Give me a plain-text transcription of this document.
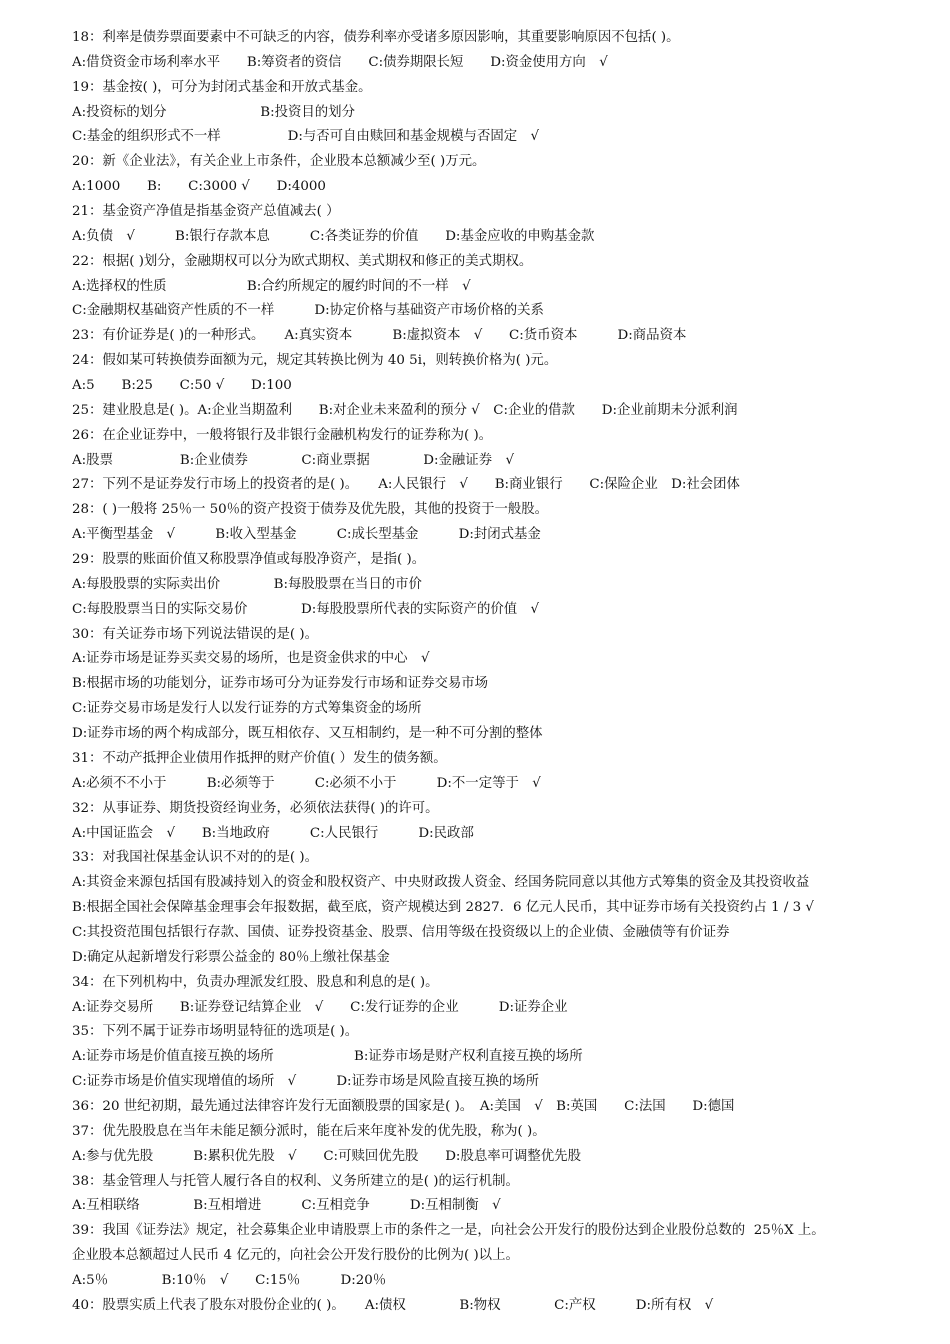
18：利率是债券票面要素中不可缺乏的内容，债券利率亦受诸多原因影响，其重要影响原因不包括( )。
A:借贷资金市场利率水平　　B:筹资者的资信　　C:债券期限长短　　D:资金使用方向　√
19：基金按( )，可分为封闭式基金和开放式基金。
A:投资标的划分　　　　　　　B:投资目的划分
C:基金的组织形式不一样　　　　　D:与否可自由赎回和基金规模与否固定　√
20：新《企业法》，有关企业上市条件，企业股本总额减少至( )万元。
A:1000　　B:　　C:3000 √　　D:4000
21：基金资产净值是指基金资产总值减去( ）
A:负债　√　　　B:银行存款本息　　　C:各类证券的价值　　D:基金应收的申购基金款
22：根据( )划分，金融期权可以分为欧式期权、美式期权和修正的美式期权。
A:选择权的性质　　　　　　B:合约所规定的履约时间的不一样　√
C:金融期权基础资产性质的不一样　　　D:协定价格与基础资产市场价格的关系
23：有价证券是( )的一种形式。　　A:真实资本　　　B:虚拟资本　√　　C:货币资本　　　D:商品资本
24：假如某可转换债券面额为元，规定其转换比例为 40 5i，则转换价格为( )元。
A:5　　B:25　　C:50 √　　D:100
25：建业股息是( )。A:企业当期盈利　　B:对企业未来盈利的预分 √　C:企业的借款　　D:企业前期未分派利润
26：在企业证券中，一般将银行及非银行金融机构发行的证券称为( )。
A:股票　　　　　B:企业债券　　　　C:商业票据　　　　D:金融证券　√
27：下列不是证券发行市场上的投资者的是( )。　　A:人民银行　√　　B:商业银行　　C:保险企业　D:社会团体
28：( )一般将 25％一 50％的资产投资于债券及优先股，其他的投资于一般股。
A:平衡型基金　√　　　B:收入型基金　　　C:成长型基金　　　D:封闭式基金
29：股票的账面价值又称股票净值或每股净资产，是指( )。
A:每股股票的实际卖出价　　　　B:每股股票在当日的市价
C:每股股票当日的实际交易价　　　　D:每股股票所代表的实际资产的价值　√
30：有关证券市场下列说法错误的是( )。
A:证券市场是证券买卖交易的场所，也是资金供求的中心　√
B:根据市场的功能划分，证券市场可分为证券发行市场和证券交易市场
C:证券交易市场是发行人以发行证券的方式筹集资金的场所
D:证券市场的两个构成部分，既互相依存、又互相制约，是一种不可分割的整体
31：不动产抵押企业债用作抵押的财产价值( ）发生的债务额。
A:必须不不小于　　　B:必须等于　　　C:必须不小于　　　D:不一定等于　√
32：从事证券、期货投资经询业务，必须依法获得( )的许可。
A:中国证监会　√　　B:当地政府　　　C:人民银行　　　D:民政部
33：对我国社保基金认识不对的的是( )。
A:其资金来源包括国有股减持划入的资金和股权资产、中央财政拨人资金、经国务院同意以其他方式筹集的资金及其投资收益
B:根据全国社会保障基金理事会年报数据，截至底，资产规模达到 2827．6 亿元人民币，其中证券市场有关投资约占 1 / 3 √
C:其投资范围包括银行存款、国债、证券投资基金、股票、信用等级在投资级以上的企业债、金融债等有价证券
D:确定从起新增发行彩票公益金的 80％上缴社保基金
34：在下列机构中，负责办理派发红股、股息和利息的是( )。
A:证券交易所　　B:证券登记结算企业　√　　C:发行证券的企业　　　D:证券企业
35：下列不属于证券市场明显特征的选项是( )。
A:证券市场是价值直接互换的场所　　　　　　B:证券市场是财产权利直接互换的场所
C:证券市场是价值实现增值的场所　√　　　D:证券市场是风险直接互换的场所
36：20 世纪初期，最先通过法律容许发行无面额股票的国家是( )。　A:美国　√　B:英国　　C:法国　　D:德国
37：优先股股息在当年未能足额分派时，能在后来年度补发的优先股，称为( )。
A:参与优先股　　　B:累积优先股　√　　C:可赎回优先股　　D:股息率可调整优先股
38：基金管理人与托管人履行各自的权利、义务所建立的是( )的运行机制。
A:互相联络　　　　B:互相增进　　　C:互相竞争　　　D:互相制衡　√
39：我国《证券法》规定，社会募集企业申请股票上市的条件之一是，向社会公开发行的股份达到企业股份总数的  25％X 上。
企业股本总额超过人民币 4 亿元的，向社会公开发行股份的比例为( )以上。
A:5％　　　　B:10％　√　　C:15％　　　D:20％
40：股票实质上代表了股东对股份企业的( )。　　A:债权　　　　B:物权　　　　C:产权　　　D:所有权　√
